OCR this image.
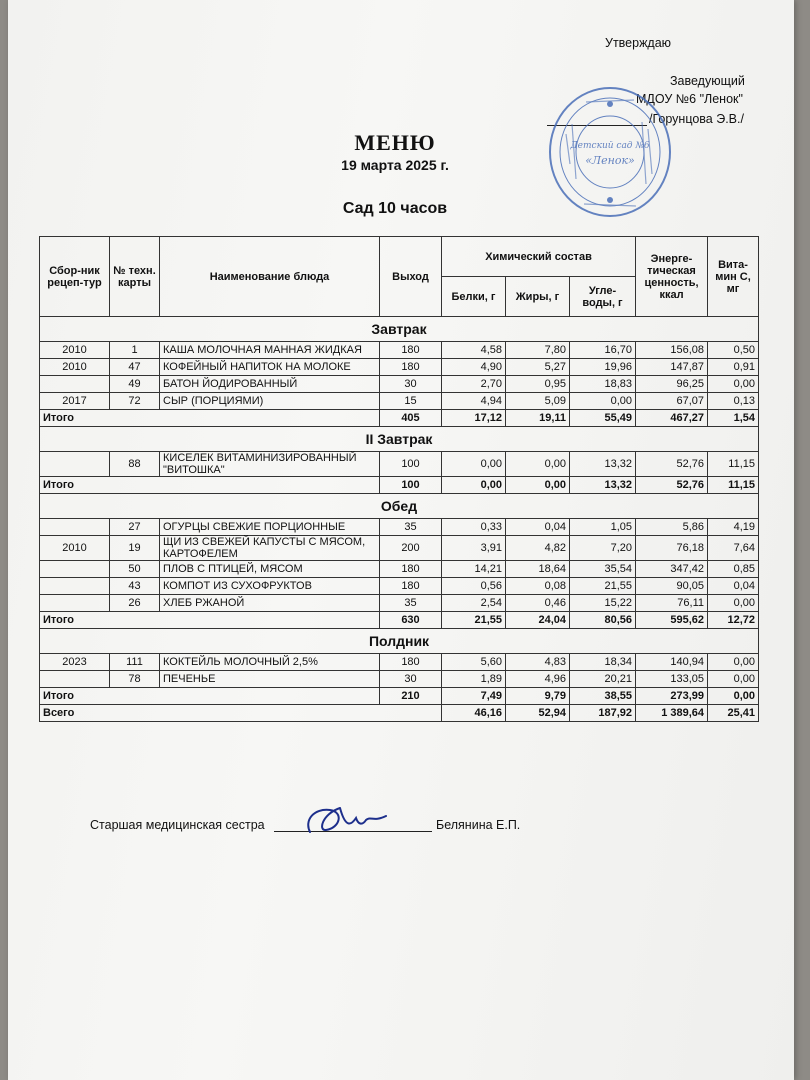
Утверждаю
Заведующий
МДОУ №6 "Ленок"
/Горунцова Э.В./
Детский сад №6
«Ленок»
МЕНЮ
19 марта 2025 г.
Сад 10 часов
Сбор-ник рецеп-тур	№ техн. карты	Наименование блюда	Выход	Химический состав			Энерге-тическая ценность, ккал	Вита-мин С, мг
				Белки, г	Жиры, г	Угле-воды, г		
Завтрак								
2010	1	КАША МОЛОЧНАЯ МАННАЯ ЖИДКАЯ	180	4,58	7,80	16,70	156,08	0,50
2010	47	КОФЕЙНЫЙ НАПИТОК НА МОЛОКЕ	180	4,90	5,27	19,96	147,87	0,91
	49	БАТОН ЙОДИРОВАННЫЙ	30	2,70	0,95	18,83	96,25	0,00
2017	72	СЫР (ПОРЦИЯМИ)	15	4,94	5,09	0,00	67,07	0,13
Итого			405	17,12	19,11	55,49	467,27	1,54
II Завтрак								
	88	КИСЕЛЕК ВИТАМИНИЗИРОВАННЫЙ "ВИТОШКА"	100	0,00	0,00	13,32	52,76	11,15
Итого			100	0,00	0,00	13,32	52,76	11,15
Обед								
	27	ОГУРЦЫ СВЕЖИЕ ПОРЦИОННЫЕ	35	0,33	0,04	1,05	5,86	4,19
2010	19	ЩИ ИЗ СВЕЖЕЙ КАПУСТЫ С МЯСОМ, КАРТОФЕЛЕМ	200	3,91	4,82	7,20	76,18	7,64
	50	ПЛОВ С ПТИЦЕЙ, МЯСОМ	180	14,21	18,64	35,54	347,42	0,85
	43	КОМПОТ ИЗ СУХОФРУКТОВ	180	0,56	0,08	21,55	90,05	0,04
	26	ХЛЕБ РЖАНОЙ	35	2,54	0,46	15,22	76,11	0,00
Итого			630	21,55	24,04	80,56	595,62	12,72
Полдник								
2023	111	КОКТЕЙЛЬ МОЛОЧНЫЙ 2,5%	180	5,60	4,83	18,34	140,94	0,00
	78	ПЕЧЕНЬЕ	30	1,89	4,96	20,21	133,05	0,00
Итого			210	7,49	9,79	38,55	273,99	0,00
Всего				46,16	52,94	187,92	1 389,64	25,41
Старшая медицинская сестра	Белянина Е.П.
